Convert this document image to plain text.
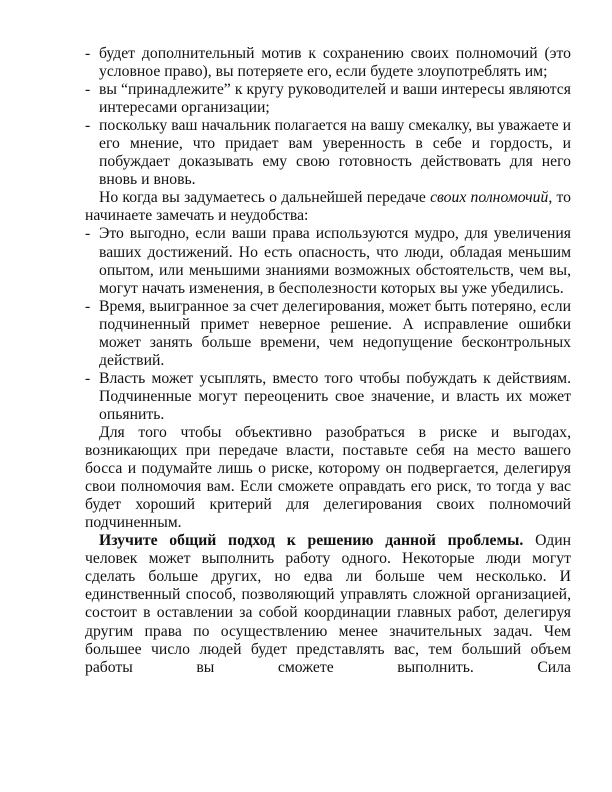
- будет дополнительный мотив к сохранению своих полномочий (это условное право), вы потеряете его, если будете злоупотреблять им;
- вы “принадлежите” к кругу руководителей и ваши интересы являются интересами организации;
- поскольку ваш начальник полагается на вашу смекалку, вы уважаете и его мнение, что придает вам уверенность в себе и гордость, и побуждает доказывать ему свою готовность действовать для него вновь и вновь.

Но когда вы задумаетесь о дальнейшей передаче своих полномочий, то начинаете замечать и неудобства:

- Это выгодно, если ваши права используются мудро, для увеличения ваших достижений. Но есть опасность, что люди, обладая меньшим опытом, или меньшими знаниями возможных обстоятельств, чем вы, могут начать изменения, в бесполезности которых вы уже убедились.
- Время, выигранное за счет делегирования, может быть потеряно, если подчиненный примет неверное решение. А исправление ошибки может занять больше времени, чем недопущение бесконтрольных действий.
- Власть может усыплять, вместо того чтобы побуждать к действиям. Подчиненные могут переоценить свое значение, и власть их может опьянить.

Для того чтобы объективно разобраться в риске и выгодах, возникающих при передаче власти, поставьте себя на место вашего босса и подумайте лишь о риске, которому он подвергается, делегируя свои полномочия вам. Если сможете оправдать его риск, то тогда у вас будет хороший критерий для делегирования своих полномочий подчиненным.

Изучите общий подход к решению данной проблемы. Один человек может выполнить работу одного. Некоторые люди могут сделать больше других, но едва ли больше чем несколько. И единственный способ, позволяющий управлять сложной организацией, состоит в оставлении за собой координации главных работ, делегируя другим права по осуществлению менее значительных задач. Чем большее число людей будет представлять вас, тем больший объем работы вы сможете выполнить. Сила
